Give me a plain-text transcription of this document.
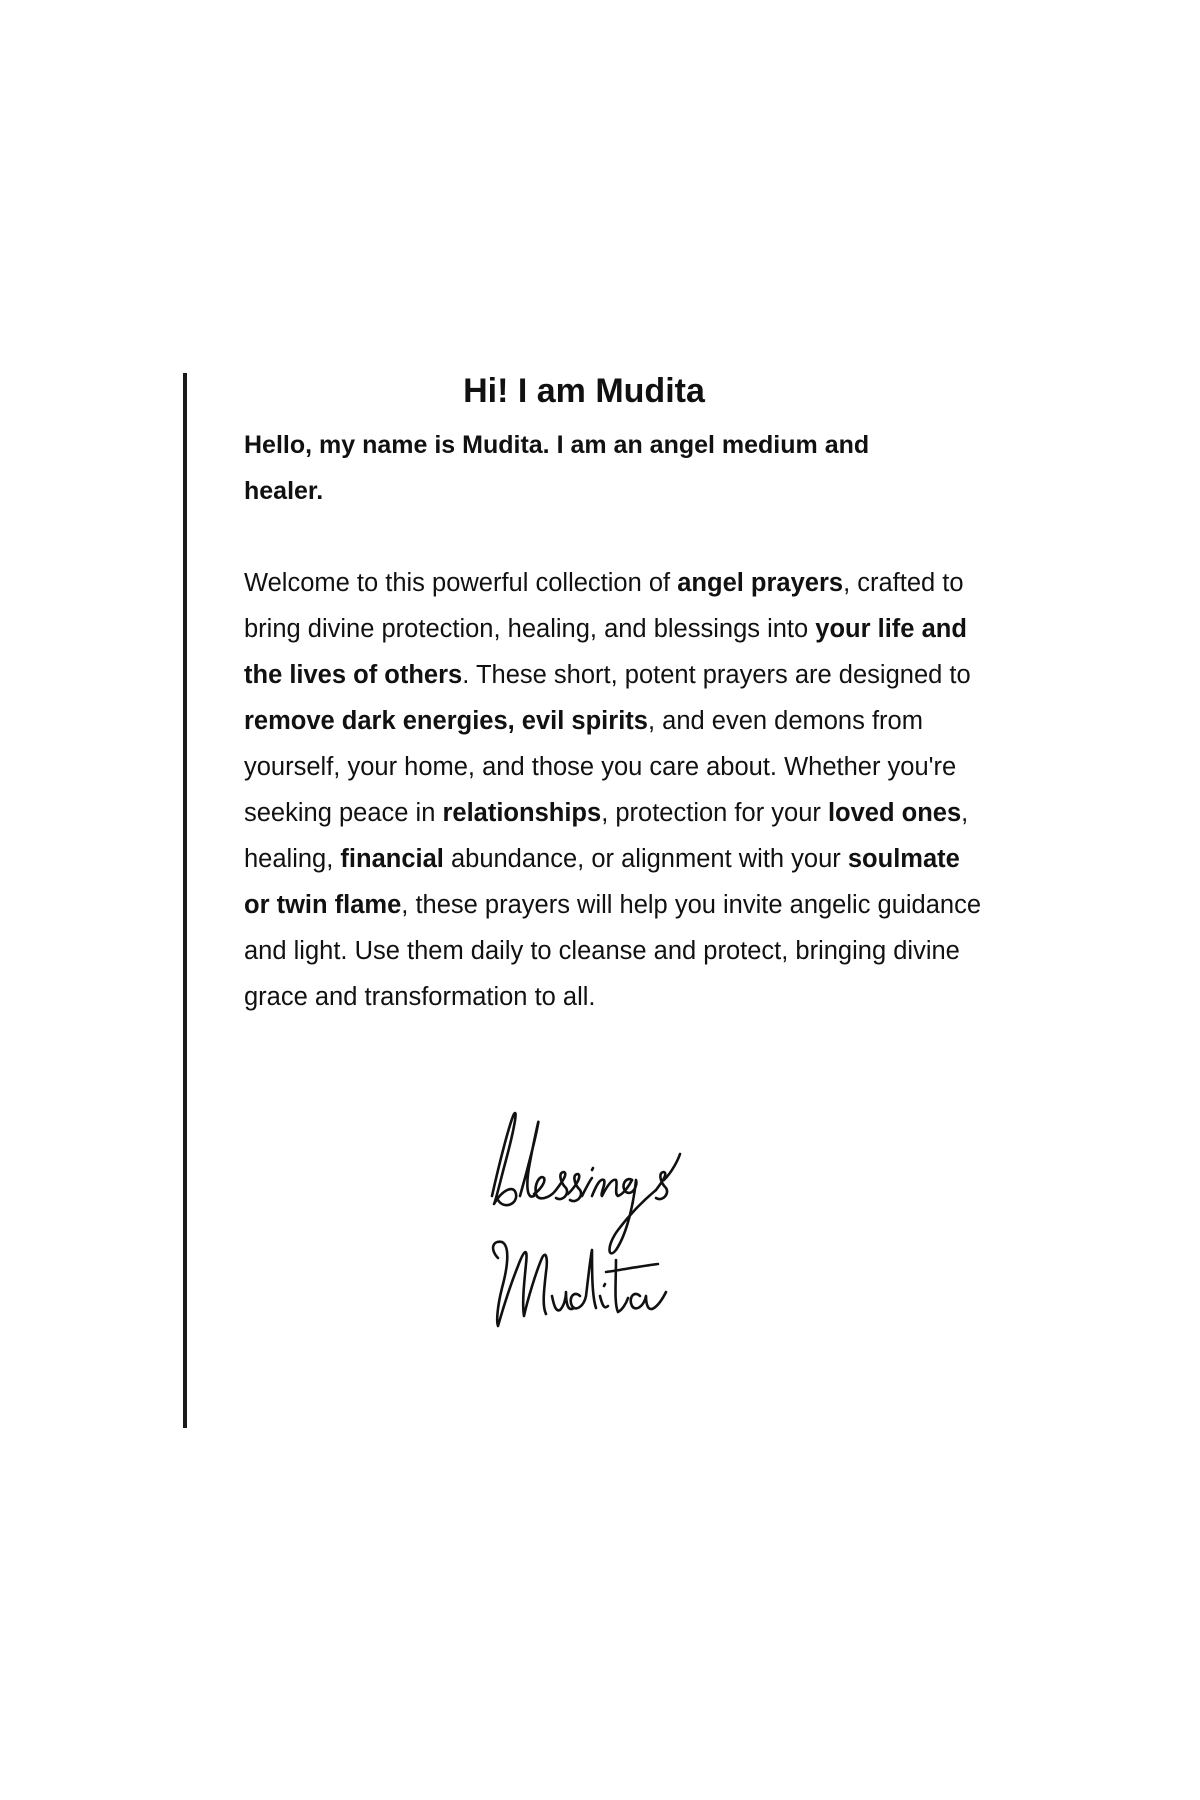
Hi! I am Mudita

Hello, my name is Mudita. I am an angel medium and healer.

Welcome to this powerful collection of angel prayers, crafted to bring divine protection, healing, and blessings into your life and the lives of others. These short, potent prayers are designed to remove dark energies, evil spirits, and even demons from yourself, your home, and those you care about. Whether you're seeking peace in relationships, protection for your loved ones, healing, financial abundance, or alignment with your soulmate or twin flame, these prayers will help you invite angelic guidance and light. Use them daily to cleanse and protect, bringing divine grace and transformation to all.
